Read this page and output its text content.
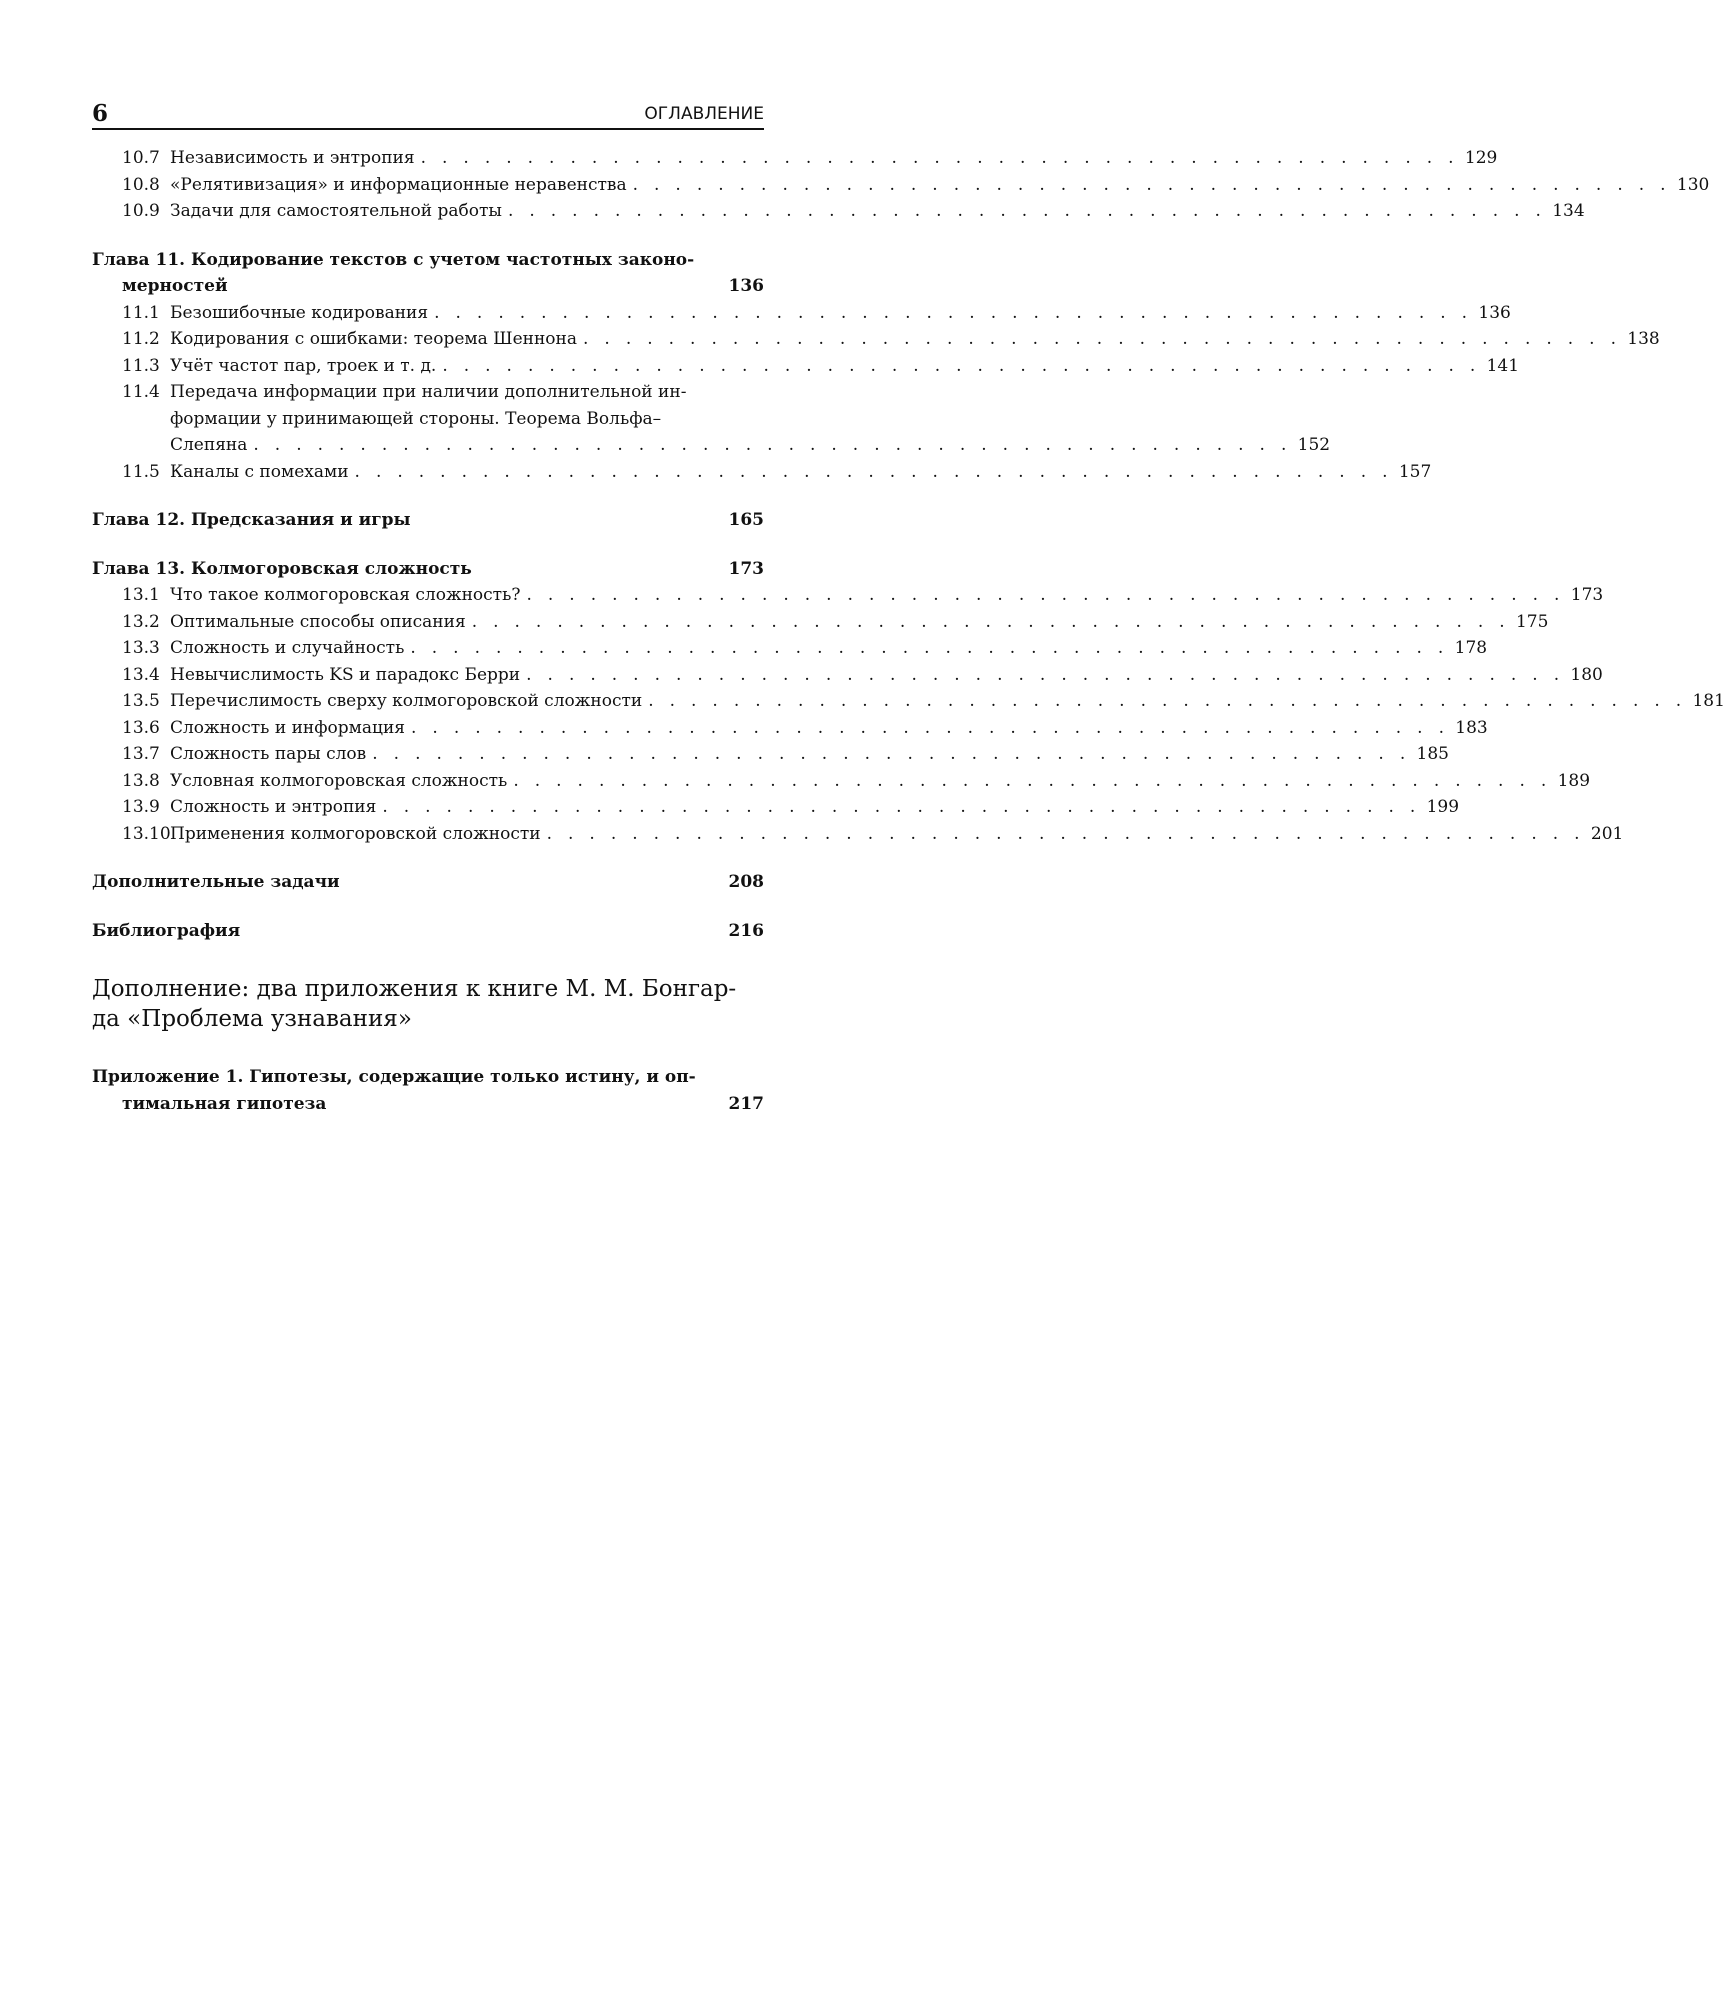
6	ОГЛАВЛЕНИЕ
10.7 Независимость и энтропия . . . . . . . . . . . . . . . . . . . . . . . . . . . . . . . . . . . . . . . . . . . . . . . . . 129
10.8 «Релятивизация» и информационные неравенства . . . . . . . . . . . . . . . . . . . . . . . . . . . . . . . . . . . . . . . . . . . . . . . . . 130
10.9 Задачи для самостоятельной работы . . . . . . . . . . . . . . . . . . . . . . . . . . . . . . . . . . . . . . . . . . . . . . . . . 134
Глава 11. Кодирование текстов с учетом частотных законо-
мерностей	136
11.1 Безошибочные кодирования . . . . . . . . . . . . . . . . . . . . . . . . . . . . . . . . . . . . . . . . . . . . . . . . . 136
11.2 Кодирования с ошибками: теорема Шеннона . . . . . . . . . . . . . . . . . . . . . . . . . . . . . . . . . . . . . . . . . . . . . . . . . 138
11.3 Учёт частот пар, троек и т. д. . . . . . . . . . . . . . . . . . . . . . . . . . . . . . . . . . . . . . . . . . . . . . . . . . 141
11.4 Передача информации при наличии дополнительной ин-
формации у принимающей стороны. Теорема Вольфа–
Слепяна . . . . . . . . . . . . . . . . . . . . . . . . . . . . . . . . . . . . . . . . . . . . . . . . . 152
11.5 Каналы с помехами . . . . . . . . . . . . . . . . . . . . . . . . . . . . . . . . . . . . . . . . . . . . . . . . . 157
Глава 12. Предсказания и игры	165
Глава 13. Колмогоровская сложность	173
13.1 Что такое колмогоровская сложность? . . . . . . . . . . . . . . . . . . . . . . . . . . . . . . . . . . . . . . . . . . . . . . . . . 173
13.2 Оптимальные способы описания . . . . . . . . . . . . . . . . . . . . . . . . . . . . . . . . . . . . . . . . . . . . . . . . . 175
13.3 Сложность и случайность . . . . . . . . . . . . . . . . . . . . . . . . . . . . . . . . . . . . . . . . . . . . . . . . . 178
13.4 Невычислимость KS и парадокс Берри . . . . . . . . . . . . . . . . . . . . . . . . . . . . . . . . . . . . . . . . . . . . . . . . . 180
13.5 Перечислимость сверху колмогоровской сложности . . . . . . . . . . . . . . . . . . . . . . . . . . . . . . . . . . . . . . . . . . . . . . . . . 181
13.6 Сложность и информация . . . . . . . . . . . . . . . . . . . . . . . . . . . . . . . . . . . . . . . . . . . . . . . . . 183
13.7 Сложность пары слов . . . . . . . . . . . . . . . . . . . . . . . . . . . . . . . . . . . . . . . . . . . . . . . . . 185
13.8 Условная колмогоровская сложность . . . . . . . . . . . . . . . . . . . . . . . . . . . . . . . . . . . . . . . . . . . . . . . . . 189
13.9 Сложность и энтропия . . . . . . . . . . . . . . . . . . . . . . . . . . . . . . . . . . . . . . . . . . . . . . . . . 199
13.10 Применения колмогоровской сложности . . . . . . . . . . . . . . . . . . . . . . . . . . . . . . . . . . . . . . . . . . . . . . . . . 201
Дополнительные задачи	208
Библиография	216
Дополнение: два приложения к книге М. М. Бонгар-
да «Проблема узнавания»
Приложение 1. Гипотезы, содержащие только истину, и оп-
тимальная гипотеза	217
